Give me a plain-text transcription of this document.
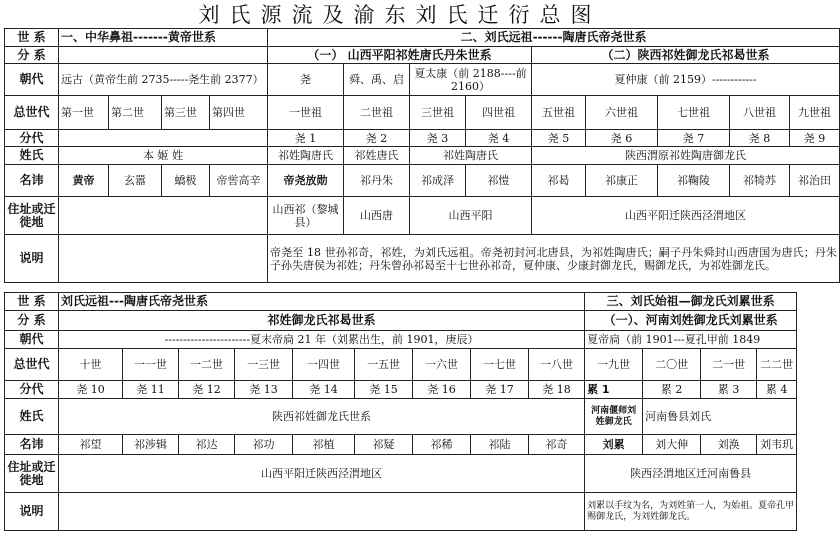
刘氏源流及渝东刘氏迁衍总图
世 系	一、中华鼻祖-------黄帝世系				二、刘氏远祖------陶唐氏帝尧世系								
分 系					（一） 山西平阳祁姓唐氏丹朱世系				（二）陕西祁姓御龙氏祁曷世系				
朝代	远古（黄帝生前 2735-----尧生前 2377）				尧	舜、禹、启	夏太康（前 2188----前 2160）		夏仲康（前 2159）------------				
总世代	第一世	第二世	第三世	第四世	一世祖	二世祖	三世祖	四世祖	五世祖	六世祖	七世祖	八世祖	九世祖
分代					尧 1	尧 2	尧 3	尧 4	尧 5	尧 6	尧 7	尧 8	尧 9
姓氏	本 姬 姓				祁姓陶唐氏	祁姓唐氏	祁姓陶唐氏		陕西渭原祁姓陶唐御龙氏				
名讳	黄帝	玄嚣	蟜极	帝喾高辛	帝尧放勋	祁丹朱	祁成泽	祁愷	祁曷	祁康正	祁鞠陵	祁犄苏	祁治田
住址或迁徙地					山西祁（黎城县）	山西唐	山西平阳		山西平阳迁陕西泾渭地区				
说明					帝尧至 18 世孙祁奇，祁姓，为刘氏远祖。帝尧初封河北唐县，为祁姓陶唐氏；嗣子丹朱舜封山西唐国为唐氏；丹朱子孙失唐侯为祁姓；丹朱曾孙祁曷至十七世孙祁奇，夏仲康、少康封御龙氏，赐御龙氏，为祁姓御龙氏。								
世 系	刘氏远祖---陶唐氏帝尧世系									三、刘氏始祖—御龙氏刘累世系			
分 系	祁姓御龙氏祁曷世系									（一）、河南刘姓御龙氏刘累世系			
朝代	-----------------------夏末帝扃 21 年（刘累出生，前 1901，庚辰）									夏帝扃（前 1901---夏孔甲前 1849			
总世代	十世	一一世	一二世	一三世	一四世	一五世	一六世	一七世	一八世	一九世	二〇世	二一世	二二世
分代	尧 10	尧 11	尧 12	尧 13	尧 14	尧 15	尧 16	尧 17	尧 18	累 1	累 2	累 3	累 4
姓氏	陕西祁姓御龙氏世系									河南偃师刘姓御龙氏	河南鲁县刘氏		
名讳	祁望	祁涉辑	祁达	祁功	祁植	祁疑	祁稀	祁陆	祁奇	刘累	刘大伸	刘涣	刘韦玑
住址或迁徙地	山西平阳迁陕西泾渭地区									陕西泾渭地区迁河南鲁县			
说明										刘累以手纹为名，为刘姓第一人，为始祖。夏帝孔甲赐御龙氏，为刘姓御龙氏。			
